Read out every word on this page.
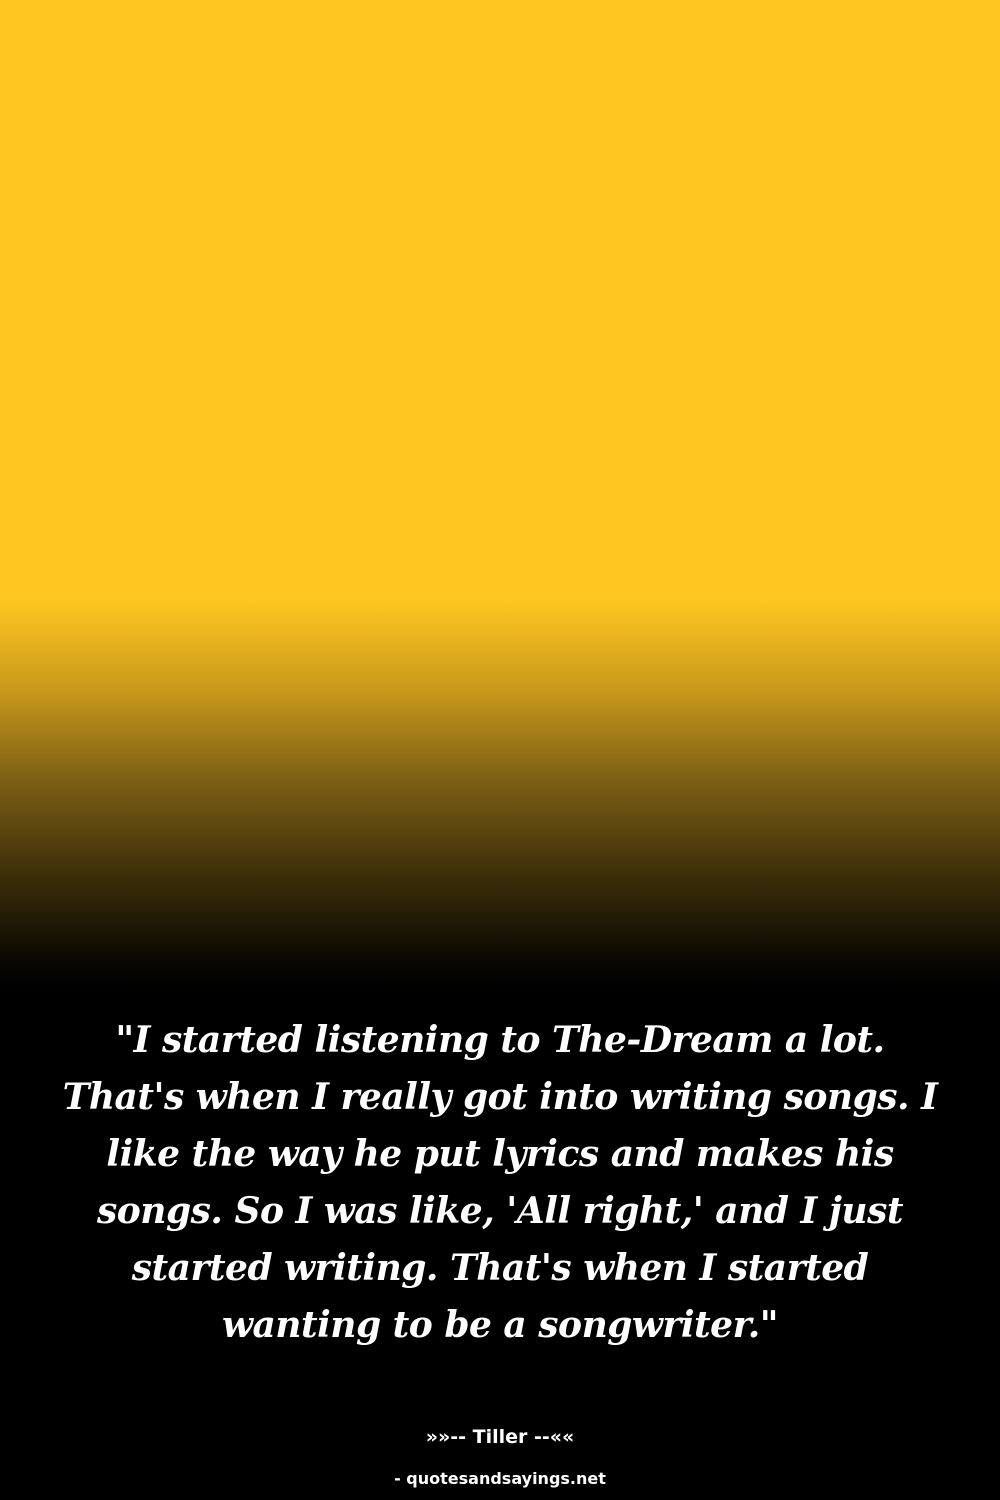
"I started listening to The-Dream a lot. That's when I really got into writing songs. I like the way he put lyrics and makes his songs. So I was like, 'All right,' and I just started writing. That's when I started wanting to be a songwriter."

»»-- Tiller --««
- quotesandsayings.net
